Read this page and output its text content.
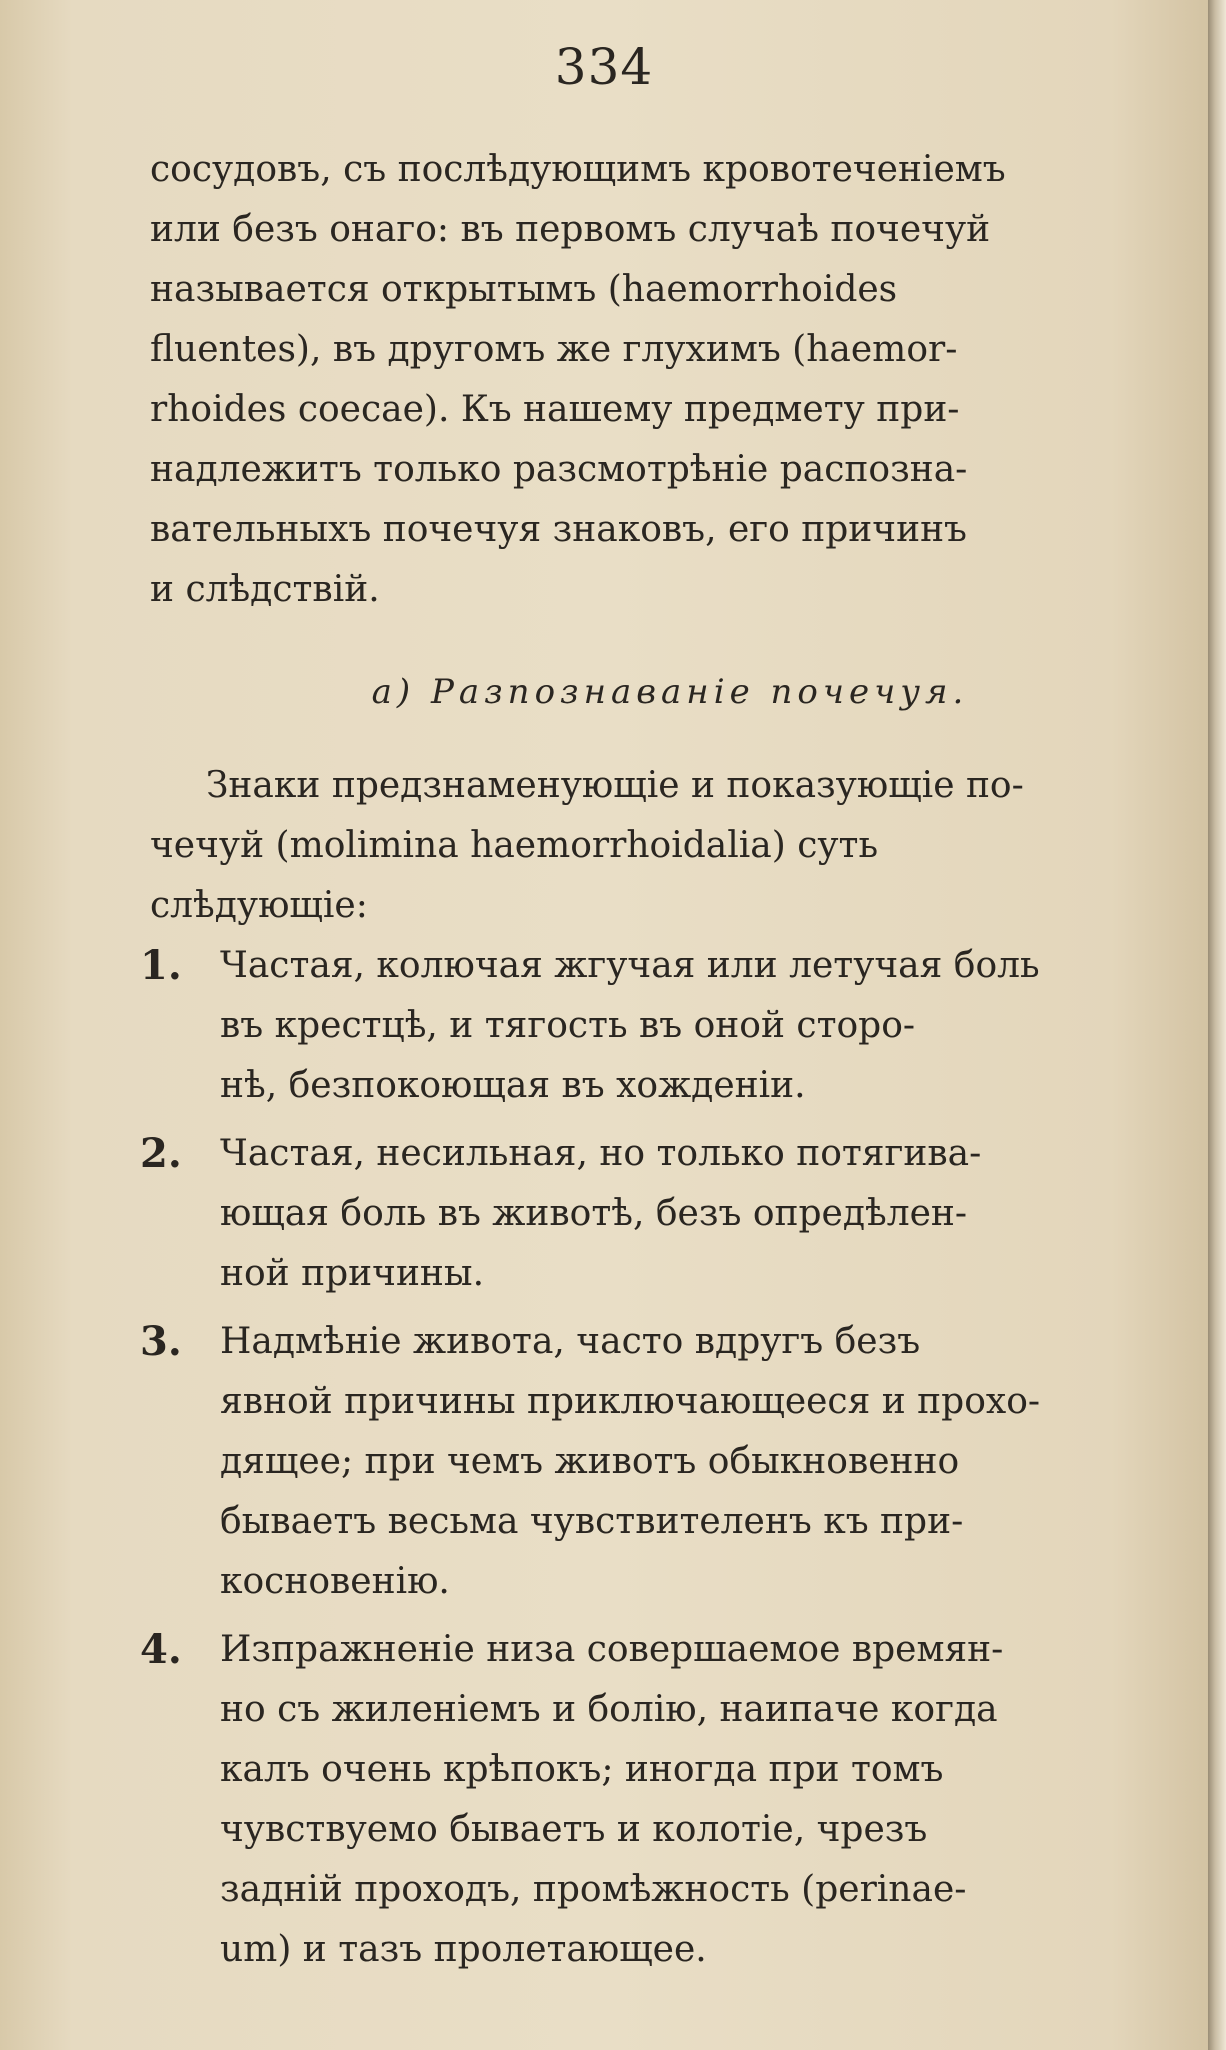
334

сосудовъ, съ послѣдующимъ кровотеченiемъ
или безъ онаго: въ первомъ случаѣ почечуй
называется открытымъ (haemorrhoides
fluentes), въ другомъ же глухимъ (haemor-
rhoides coecae). Къ нашему предмету при-
надлежитъ только разсмотрѣнiе распозна-
вательныхъ почечуя знаковъ, его причинъ
и слѣдствiй.

a) Разпознаванiе почечуя.

Знаки предзнаменующiе и показующiе по-
чечуй (molimina haemorrhoidalia) суть
слѣдующiе:

1. Частая, колючая жгучая или летучая боль
въ крестцѣ, и тягость въ оной сторо-
нѣ, безпокоющая въ хожденiи.
2. Частая, несильная, но только потягива-
ющая боль въ животѣ, безъ опредѣлен-
ной причины.
3. Надмѣнiе живота, часто вдругъ безъ
явной причины приключающееся и прохо-
дящее; при чемъ животъ обыкновенно
бываетъ весьма чувствителенъ къ при-
косновенiю.
4. Изпражненiе низа совершаемое времян-
но съ жиленiемъ и болiю, наипаче когда
калъ очень крѣпокъ; иногда при томъ
чувствуемо бываетъ и колотiе, чрезъ
заднiй проходъ, промѣжность (perinae-
um) и тазъ пролетающее.
